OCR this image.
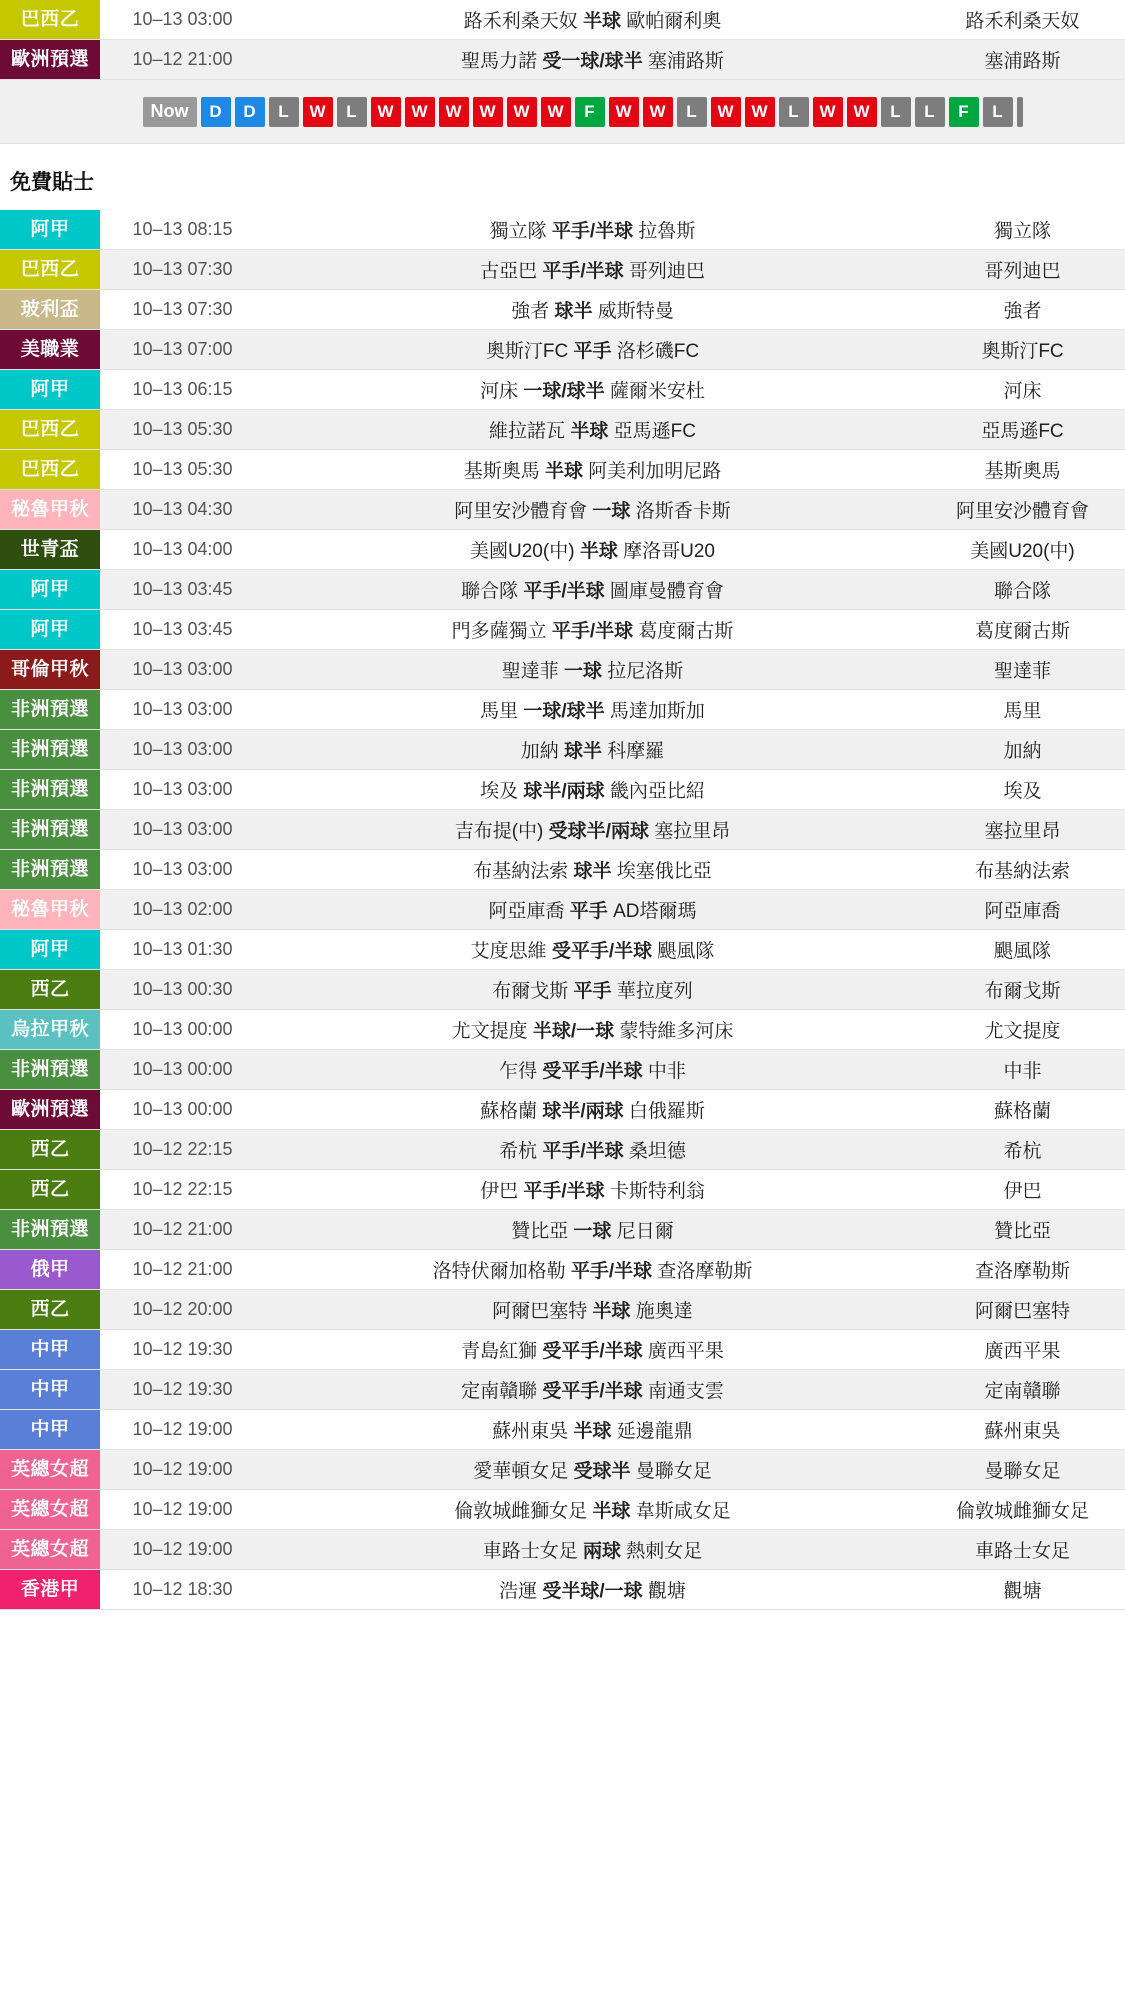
巴西乙	10–13 03:00	路禾利桑天奴 半球 歐帕爾利奧	路禾利桑天奴

歐洲預選	10–12 21:00	聖馬力諾 受一球/球半 塞浦路斯	塞浦路斯
Now	D	D	L	W	L	W	W	W	W	W	W	F	W	W	L	W	W	L	W	W	L	L	F	L
免費貼士
阿甲	10–13 08:15	獨立隊 平手/半球 拉魯斯	獨立隊

巴西乙	10–13 07:30	古亞巴 平手/半球 哥列迪巴	哥列迪巴

玻利盃	10–13 07:30	強者 球半 威斯特曼	強者

美職業	10–13 07:00	奧斯汀FC 平手 洛杉磯FC	奧斯汀FC

阿甲	10–13 06:15	河床 一球/球半 薩爾米安杜	河床

巴西乙	10–13 05:30	維拉諾瓦 半球 亞馬遜FC	亞馬遜FC

巴西乙	10–13 05:30	基斯奧馬 半球 阿美利加明尼路	基斯奧馬

秘魯甲秋	10–13 04:30	阿里安沙體育會 一球 洛斯香卡斯	阿里安沙體育會

世青盃	10–13 04:00	美國U20(中) 半球 摩洛哥U20	美國U20(中)

阿甲	10–13 03:45	聯合隊 平手/半球 圖庫曼體育會	聯合隊

阿甲	10–13 03:45	門多薩獨立 平手/半球 葛度爾古斯	葛度爾古斯

哥倫甲秋	10–13 03:00	聖達菲 一球 拉尼洛斯	聖達菲

非洲預選	10–13 03:00	馬里 一球/球半 馬達加斯加	馬里

非洲預選	10–13 03:00	加納 球半 科摩羅	加納

非洲預選	10–13 03:00	埃及 球半/兩球 畿內亞比紹	埃及

非洲預選	10–13 03:00	吉布提(中) 受球半/兩球 塞拉里昂	塞拉里昂

非洲預選	10–13 03:00	布基納法索 球半 埃塞俄比亞	布基納法索

秘魯甲秋	10–13 02:00	阿亞庫喬 平手 AD塔爾瑪	阿亞庫喬

阿甲	10–13 01:30	艾度思維 受平手/半球 颶風隊	颶風隊

西乙	10–13 00:30	布爾戈斯 平手 華拉度列	布爾戈斯

烏拉甲秋	10–13 00:00	尤文提度 半球/一球 蒙特維多河床	尤文提度

非洲預選	10–13 00:00	乍得 受平手/半球 中非	中非

歐洲預選	10–13 00:00	蘇格蘭 球半/兩球 白俄羅斯	蘇格蘭

西乙	10–12 22:15	希杭 平手/半球 桑坦德	希杭

西乙	10–12 22:15	伊巴 平手/半球 卡斯特利翁	伊巴

非洲預選	10–12 21:00	贊比亞 一球 尼日爾	贊比亞

俄甲	10–12 21:00	洛特伏爾加格勒 平手/半球 查洛摩勒斯	查洛摩勒斯

西乙	10–12 20:00	阿爾巴塞特 半球 施奧達	阿爾巴塞特

中甲	10–12 19:30	青島紅獅 受平手/半球 廣西平果	廣西平果

中甲	10–12 19:30	定南贛聯 受平手/半球 南通支雲	定南贛聯

中甲	10–12 19:00	蘇州東吳 半球 延邊龍鼎	蘇州東吳

英總女超	10–12 19:00	愛華頓女足 受球半 曼聯女足	曼聯女足

英總女超	10–12 19:00	倫敦城雌獅女足 半球 韋斯咸女足	倫敦城雌獅女足

英總女超	10–12 19:00	車路士女足 兩球 熱刺女足	車路士女足

香港甲	10–12 18:30	浩運 受半球/一球 觀塘	觀塘
